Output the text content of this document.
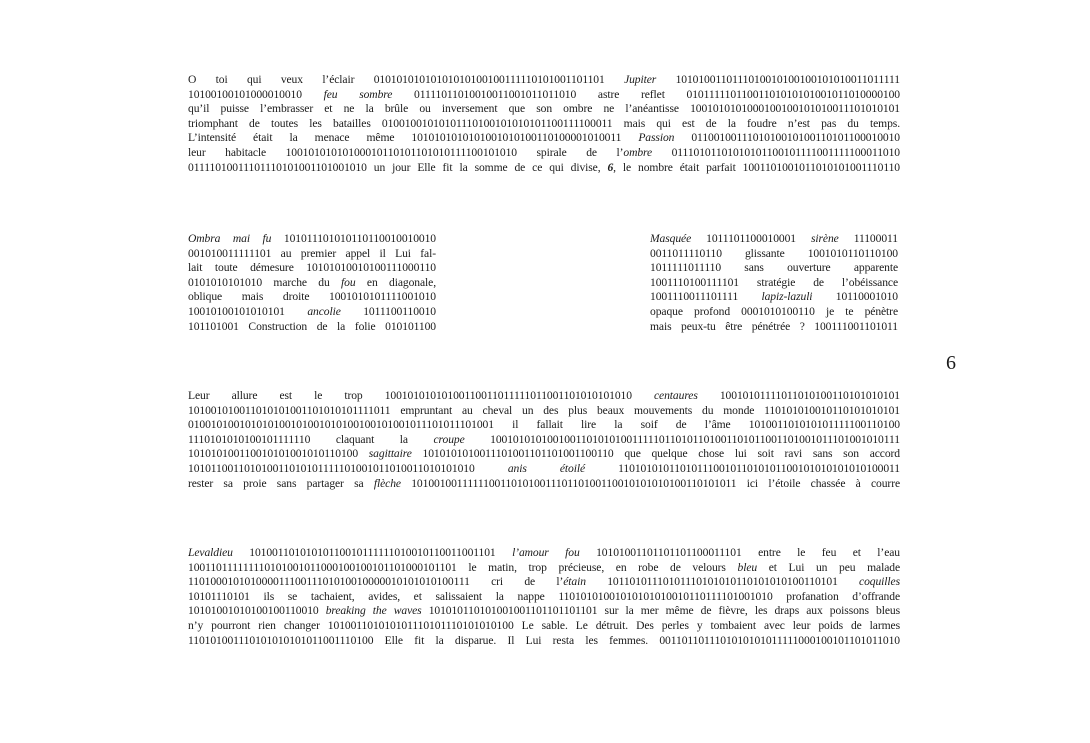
O toi qui veux l’éclair 01010101010101010100100111110101001101101 Jupiter 1010100110111010010100100101010011011111
10100100101000010010 feu sombre 01111011010010011001011011010 astre reflet 01011111011001101010101001011010000100
qu’il puisse l’embrasser et ne la brûle ou inversement que son ombre ne l’anéantisse 1001010101000100100101010011101010101
triomphant de toutes les batailles 01001001010101110100101010101100111100011 mais qui est de la foudre n’est pas du temps.
L’intensité était la menace même 1010101010101001010100110100001010011 Passion 0110010011101010010100110101100010010
leur habitacle 10010101010100010110101101010111100101010 spirale de l’ombre 01110101101010101100101111001111100011010
01111010011101110101001101001010 un jour Elle fit la somme de ce qui divise, 6, le nombre était parfait 1001101001011010101001110110
Ombra mai fu 101011101010110110010010010
001010011111101 au premier appel il Lui fal-
lait toute démesure 10101010010100111000110
0101010101010 marche du fou en diagonale,
oblique mais droite 1001010101111001010
10010100101010101 ancolie 1011100110010
101101001 Construction de la folie 010101100
Masquée 1011101100010001 sirène 11100011
0011011110110 glissante 1001010110110100
1011111011110 sans ouverture apparente
1001110100111101 stratégie de l’obéissance
1001110011101111 lapiz-lazuli 10110001010
opaque profond 0001010100110 je te pénètre
mais peux-tu être pénétrée ? 100111001101011
6
Leur allure est le trop 10010101010100110011011111011001101010101010 centaures 10010101111011010100110101010101
101001010011010101001101010101111011 empruntant au cheval un des plus beaux mouvements du monde 110101010010110101010101
010010100101010100101001010100100101001011101011101001 il fallait lire la soif de l’âme 101001101010101111100110100
1110101010100101111110 claquant la croupe 1001010101001001101010100111110110101101001101011001101001011101001010111
101010100110010101001010110100 sagittaire 1010101010011101001101101001100110 que quelque chose lui soit ravi sans son accord
101011001101010011010101111101001011010011010101010 anis étoilé 11010101011010111001011010101100101010101010100011
rester sa proie sans partager sa flèche 1010010011111100110101001110110100110010101010100110101011 ici l’étoile chassée à courre
Levaldieu 10100110101010110010111111010010110011001101 l’amour fou 10101001101101101100011101 entre le feu et l’eau
100110111111110101001011000100100101101000101101 le matin, trop précieuse, en robe de velours bleu et Lui un peu malade
11010001010100001110011101010010000010101010100111 cri de l’étain 10110101110101110101010110101010100110101 coquilles
10101110101 ils se tachaient, avides, et salissaient la nappe 11010101001010101010010110111101001010 profanation d’offrande
10101001010100100110010 breaking the waves 101010110101001001101101101101 sur la mer même de fièvre, les draps aux poissons bleus
n’y pourront rien changer 101001101010101110101110101010100 Le sable. Le détruit. Des perles y tombaient avec leur poids de larmes
110101001110101010101011001110100 Elle fit la disparue. Il Lui resta les femmes. 0011011011101010101011111000100101101011010
